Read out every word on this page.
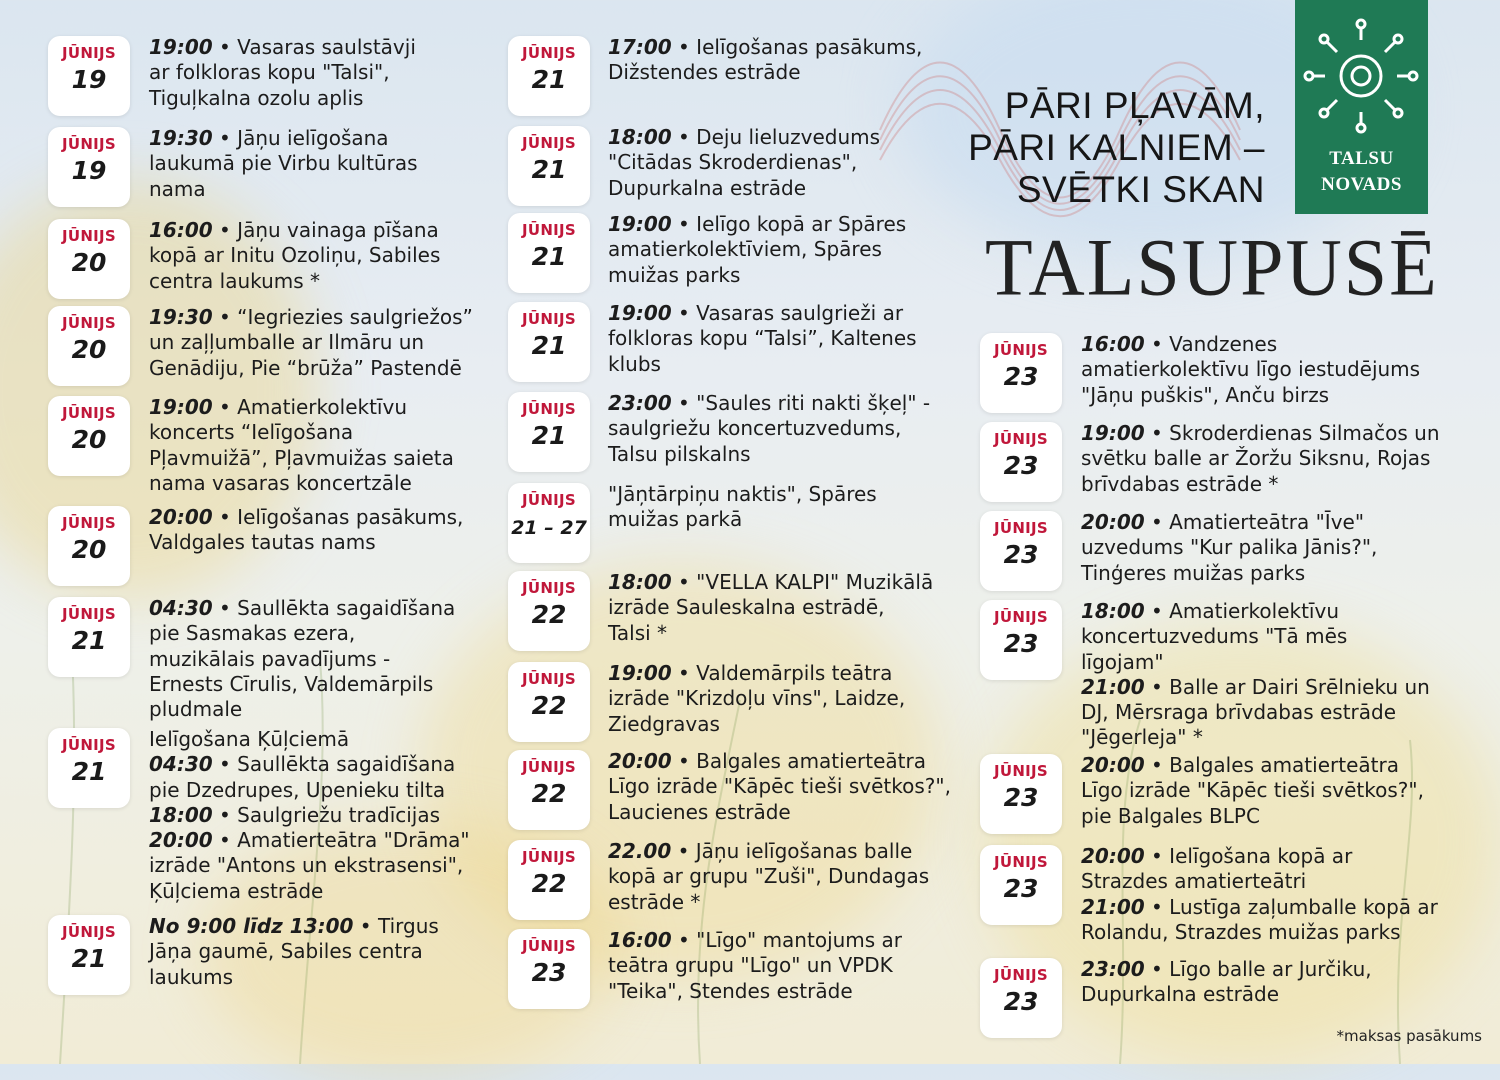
TALSU
NOVADS
PĀRI PĻAVĀM,
PĀRI KALNIEM –
SVĒTKI SKAN
TALSUPUSĒ
JŪNIJS
19
19:00 • Vasaras saulstāvji
ar folkloras kopu "Talsi",
Tiguļkalna ozolu aplis
JŪNIJS
19
19:30 • Jāņu ielīgošana
laukumā pie Virbu kultūras
nama
JŪNIJS
20
16:00 • Jāņu vainaga pīšana
kopā ar Initu Ozoliņu, Sabiles
centra laukums *
JŪNIJS
20
19:30 • “Iegriezies saulgriežos”
un zaļļumballe ar Ilmāru un
Genādiju, Pie “brūža” Pastendē
JŪNIJS
20
19:00 • Amatierkolektīvu
koncerts “Ielīgošana
Pļavmuižā”, Pļavmuižas saieta
nama vasaras koncertzāle
JŪNIJS
20
20:00 • Ielīgošanas pasākums,
Valdgales tautas nams
JŪNIJS
21
04:30 • Saullēkta sagaidīšana
pie Sasmakas ezera,
muzikālais pavadījums -
Ernests Cīrulis, Valdemārpils
pludmale
JŪNIJS
21
Ielīgošana Ķūļciemā
04:30 • Saullēkta sagaidīšana
pie Dzedrupes, Upenieku tilta
18:00 • Saulgriežu tradīcijas
20:00 • Amatierteātra "Drāma"
izrāde "Antons un ekstrasensi",
Ķūļciema estrāde
JŪNIJS
21
No 9:00 līdz 13:00 • Tirgus
Jāņa gaumē, Sabiles centra
laukums
JŪNIJS
21
17:00 • Ielīgošanas pasākums,
Dižstendes estrāde
JŪNIJS
21
18:00 • Deju lieluzvedums
"Citādas Skroderdienas",
Dupurkalna estrāde
JŪNIJS
21
19:00 • Ielīgo kopā ar Spāres
amatierkolektīviem, Spāres
muižas parks
JŪNIJS
21
19:00 • Vasaras saulgrieži ar
folkloras kopu “Talsi”, Kaltenes
klubs
JŪNIJS
21
23:00 • "Saules riti nakti šķeļ" -
saulgriežu koncertuzvedums,
Talsu pilskalns
JŪNIJS
21 – 27
"Jāņtārpiņu naktis", Spāres
muižas parkā
JŪNIJS
22
18:00 • "VELLA KALPI" Muzikālā
izrāde Sauleskalna estrādē,
Talsi *
JŪNIJS
22
19:00 • Valdemārpils teātra
izrāde "Krizdoļu vīns", Laidze,
Ziedgravas
JŪNIJS
22
20:00 • Balgales amatierteātra
Līgo izrāde "Kāpēc tieši svētkos?",
Laucienes estrāde
JŪNIJS
22
22.00 • Jāņu ielīgošanas balle
kopā ar grupu "Zuši", Dundagas
estrāde *
JŪNIJS
23
16:00 • "Līgo" mantojums ar
teātra grupu "Līgo" un VPDK
"Teika", Stendes estrāde
JŪNIJS
23
16:00 • Vandzenes
amatierkolektīvu līgo iestudējums
"Jāņu puškis", Anču birzs
JŪNIJS
23
19:00 • Skroderdienas Silmačos un
svētku balle ar Žoržu Siksnu, Rojas
brīvdabas estrāde *
JŪNIJS
23
20:00 • Amatierteātra "Īve"
uzvedums "Kur palika Jānis?",
Tinģeres muižas parks
JŪNIJS
23
18:00 • Amatierkolektīvu
koncertuzvedums "Tā mēs
līgojam"
21:00 • Balle ar Dairi Srēlnieku un
DJ, Mērsraga brīvdabas estrāde
"Jēgerleja" *
JŪNIJS
23
20:00 • Balgales amatierteātra
Līgo izrāde "Kāpēc tieši svētkos?",
pie Balgales BLPC
JŪNIJS
23
20:00 • Ielīgošana kopā ar
Strazdes amatierteātri
21:00 • Lustīga zaļumballe kopā ar
Rolandu, Strazdes muižas parks
JŪNIJS
23
23:00 • Līgo balle ar Jurčiku,
Dupurkalna estrāde
*maksas pasākums
